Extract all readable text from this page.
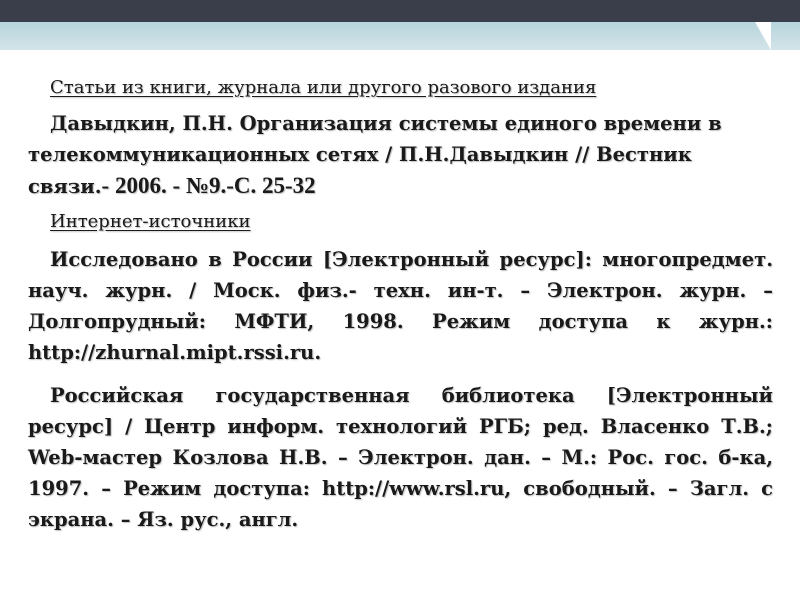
Статьи из книги, журнала или другого разового издания

Давыдкин, П.Н. Организация системы единого времени в телекоммуникационных сетях / П.Н.Давыдкин // Вестник связи.- 2006. - №9.-С. 25-32

Интернет-источники

Исследовано в России [Электронный ресурс]: многопредмет. науч. журн. / Моск. физ.- техн. ин-т. – Электрон. журн. – Долгопрудный: МФТИ, 1998. Режим доступа к журн.: http://zhurnal.mipt.rssi.ru.

Российская государственная библиотека [Электронный ресурс] / Центр информ. технологий РГБ; ред. Власенко Т.В.; Web-мастер Козлова Н.В. – Электрон. дан. – М.: Рос. гос. б-ка, 1997. – Режим доступа: http://www.rsl.ru, свободный. – Загл. с экрана. – Яз. рус., англ.
